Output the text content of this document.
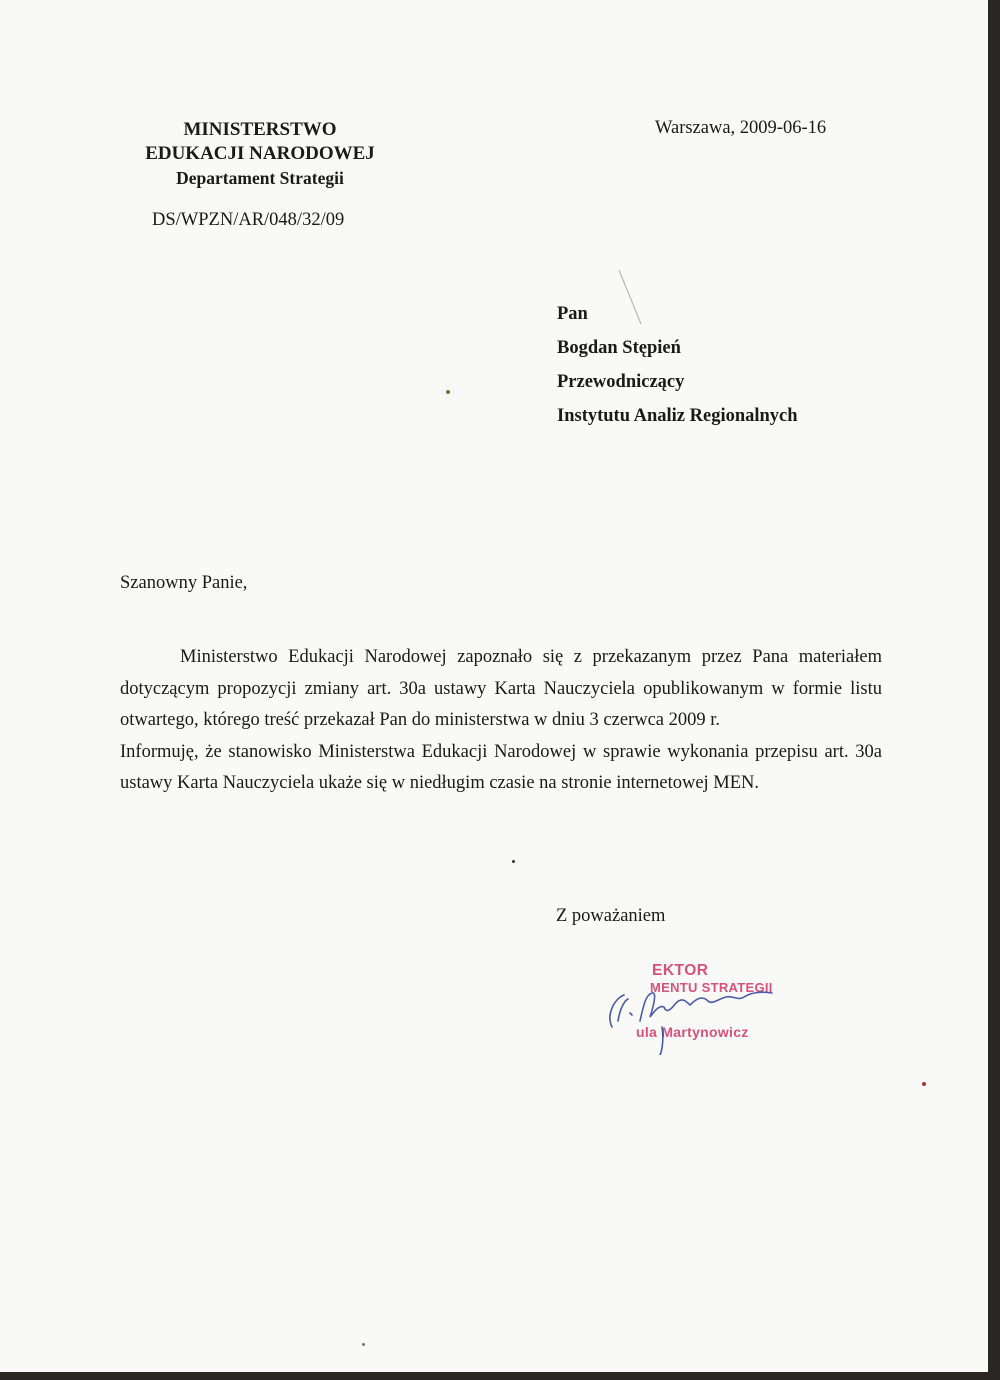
MINISTERSTWO
EDUKACJI NARODOWEJ
Departament Strategii
DS/WPZN/AR/048/32/09
Warszawa, 2009-06-16
Pan
Bogdan Stępień
Przewodniczący
Instytutu Analiz Regionalnych
Szanowny Panie,

Ministerstwo Edukacji Narodowej zapoznało się z przekazanym przez Pana materiałem dotyczącym propozycji zmiany art. 30a ustawy Karta Nauczyciela opublikowanym w formie listu otwartego, którego treść przekazał Pan do ministerstwa w dniu 3 czerwca 2009 r.

Informuję, że stanowisko Ministerstwa Edukacji Narodowej w sprawie wykonania przepisu art. 30a ustawy Karta Nauczyciela ukaże się w niedługim czasie na stronie internetowej MEN.

Z poważaniem
EKTOR
MENTU STRATEGII
ula Martynowicz
